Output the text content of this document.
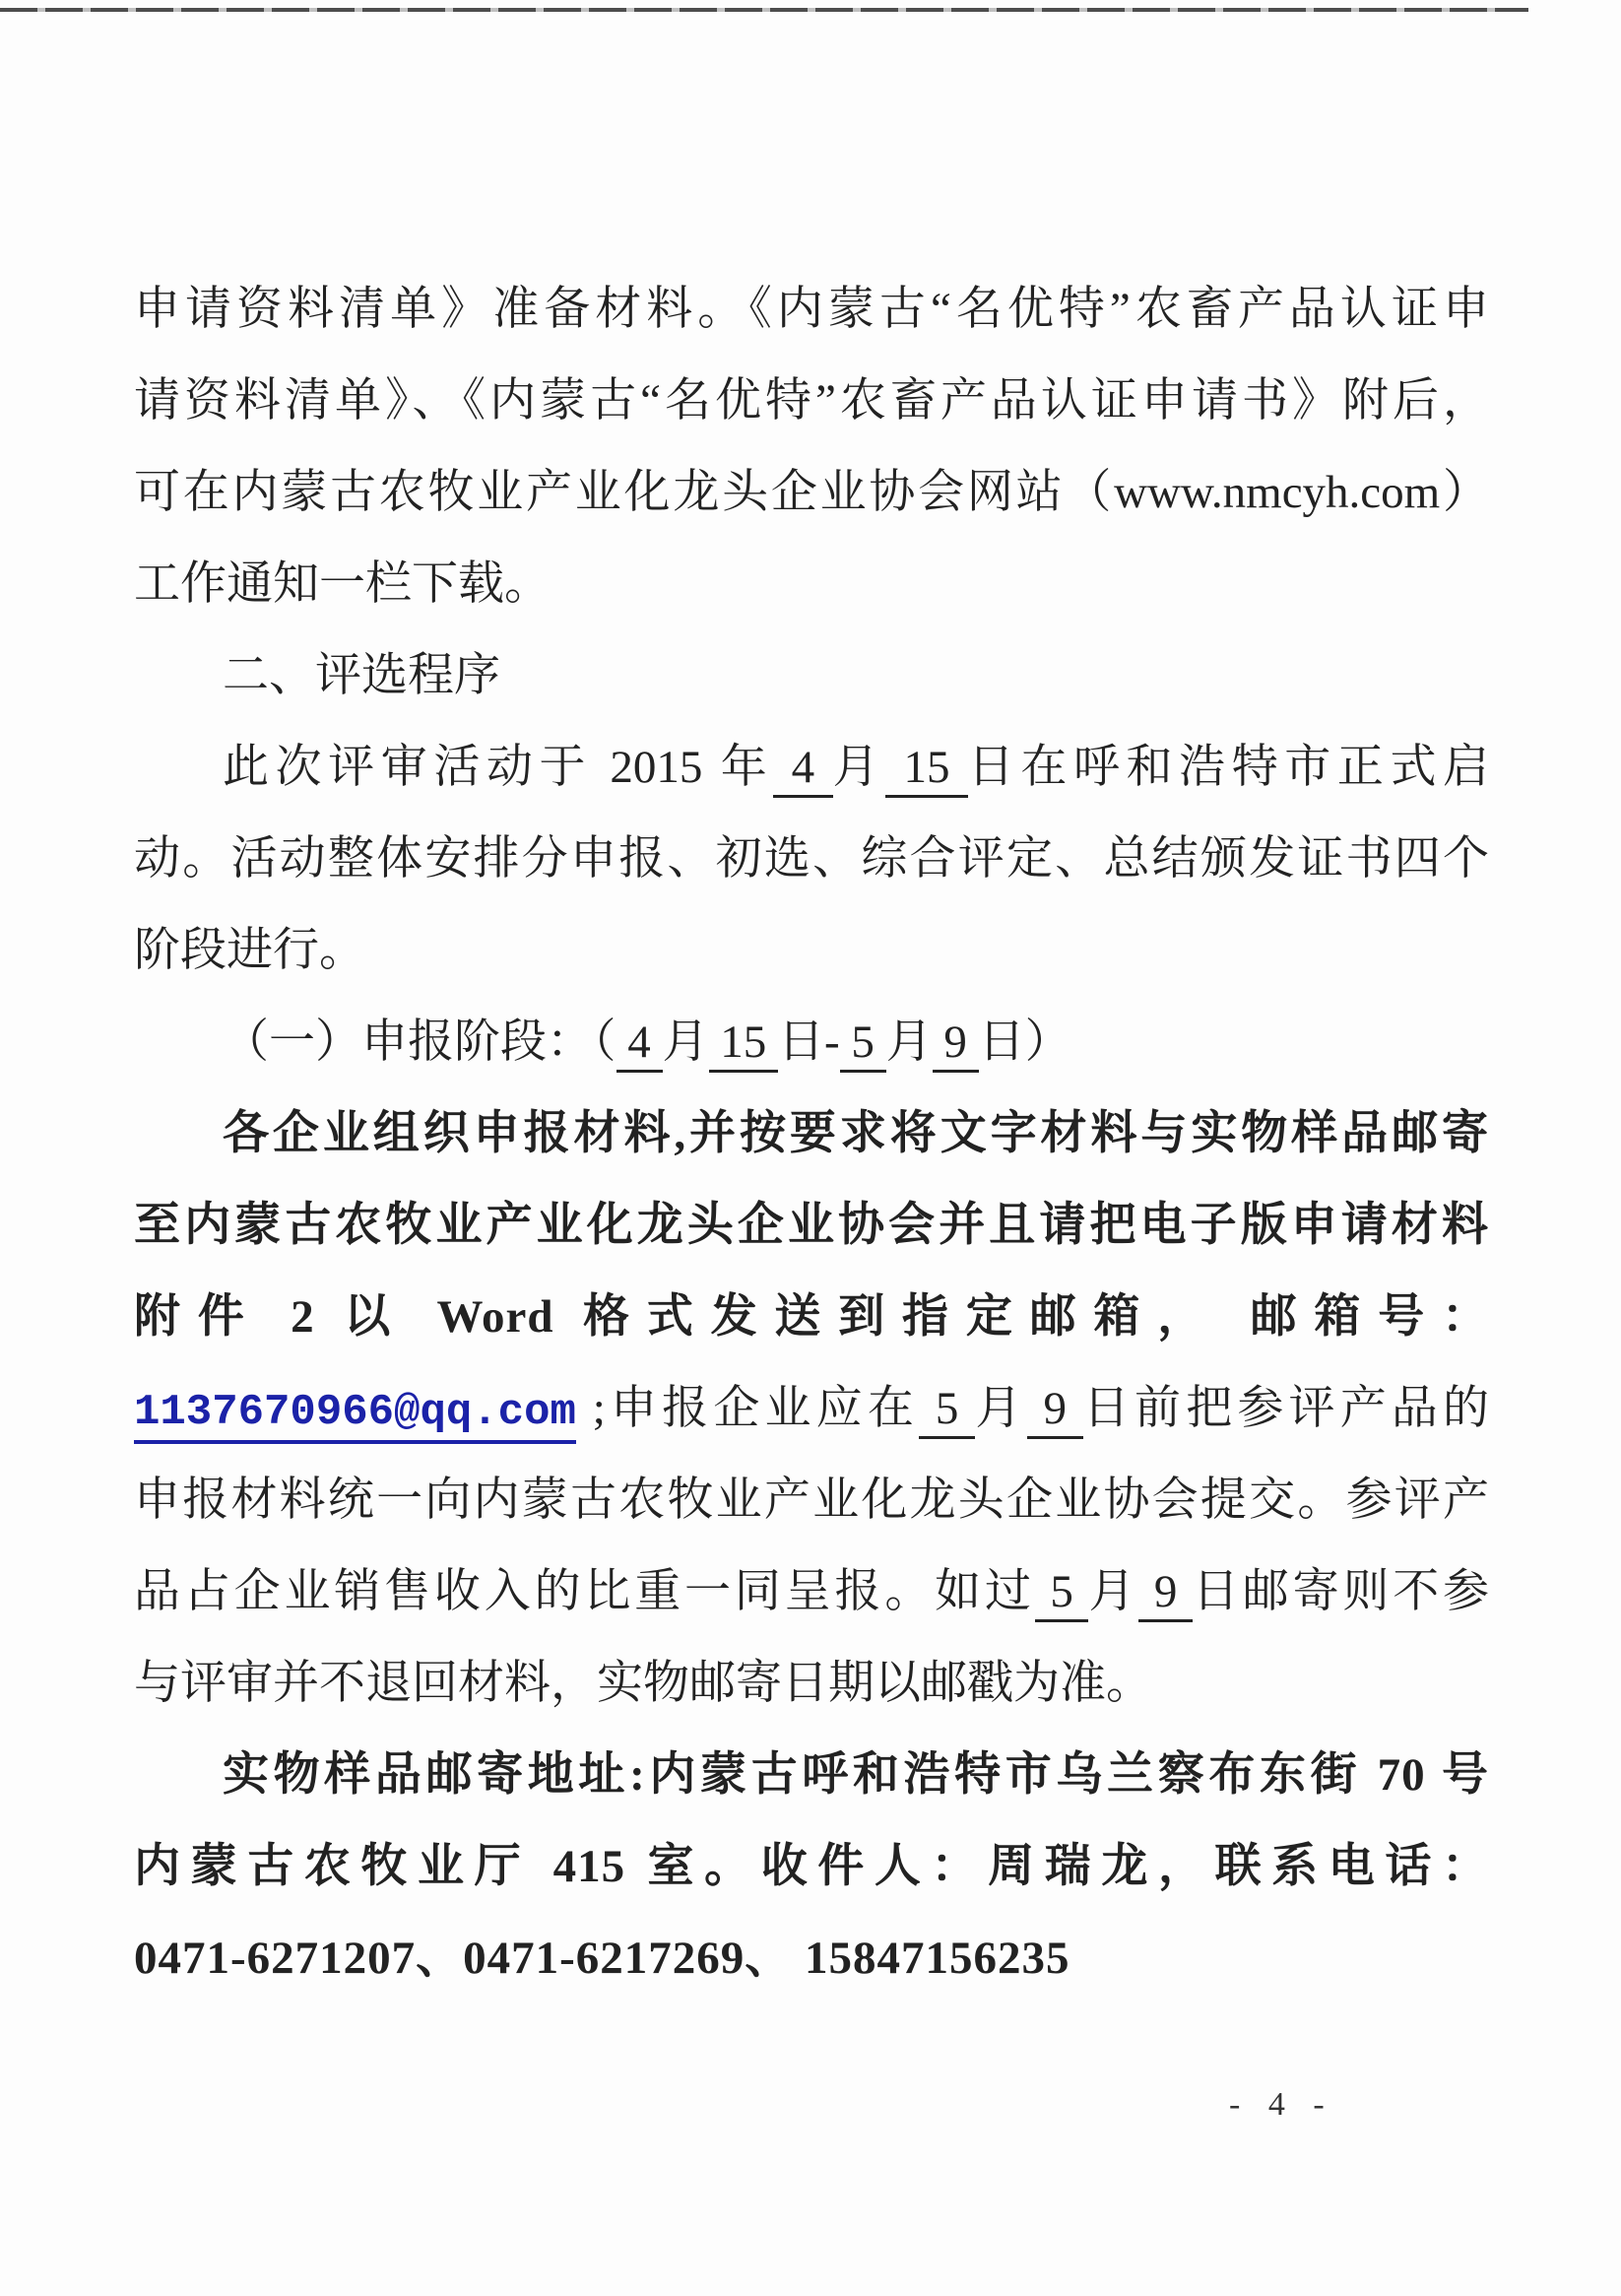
申请资料清单》准备材料。《内蒙古“名优特”农畜产品认证申
请资料清单》、《内蒙古“名优特”农畜产品认证申请书》附后，
可在内蒙古农牧业产业化龙头企业协会网站（www.nmcyh.com）
工作通知一栏下载。
二、评选程序
此次评审活动于 2015 年 4 月 15 日在呼和浩特市正式启
动。活动整体安排分申报、初选、综合评定、总结颁发证书四个
阶段进行。
（一）申报阶段：（ 4 月 15 日- 5 月 9 日）
各企业组织申报材料,并按要求将文字材料与实物样品邮寄
至内蒙古农牧业产业化龙头企业协会并且请把电子版申请材料
附件 2 以 Word 格式发送到指定邮箱， 邮箱号：
1137670966@qq.com ;申报企业应在 5 月 9 日前把参评产品的
申报材料统一向内蒙古农牧业产业化龙头企业协会提交。参评产
品占企业销售收入的比重一同呈报。如过 5 月 9 日邮寄则不参
与评审并不退回材料，实物邮寄日期以邮戳为准。
实物样品邮寄地址:内蒙古呼和浩特市乌兰察布东街 70 号
内蒙古农牧业厅 415 室。收件人：周瑞龙，联系电话：
0471-6271207、0471-6217269、 15847156235
- 4 -
